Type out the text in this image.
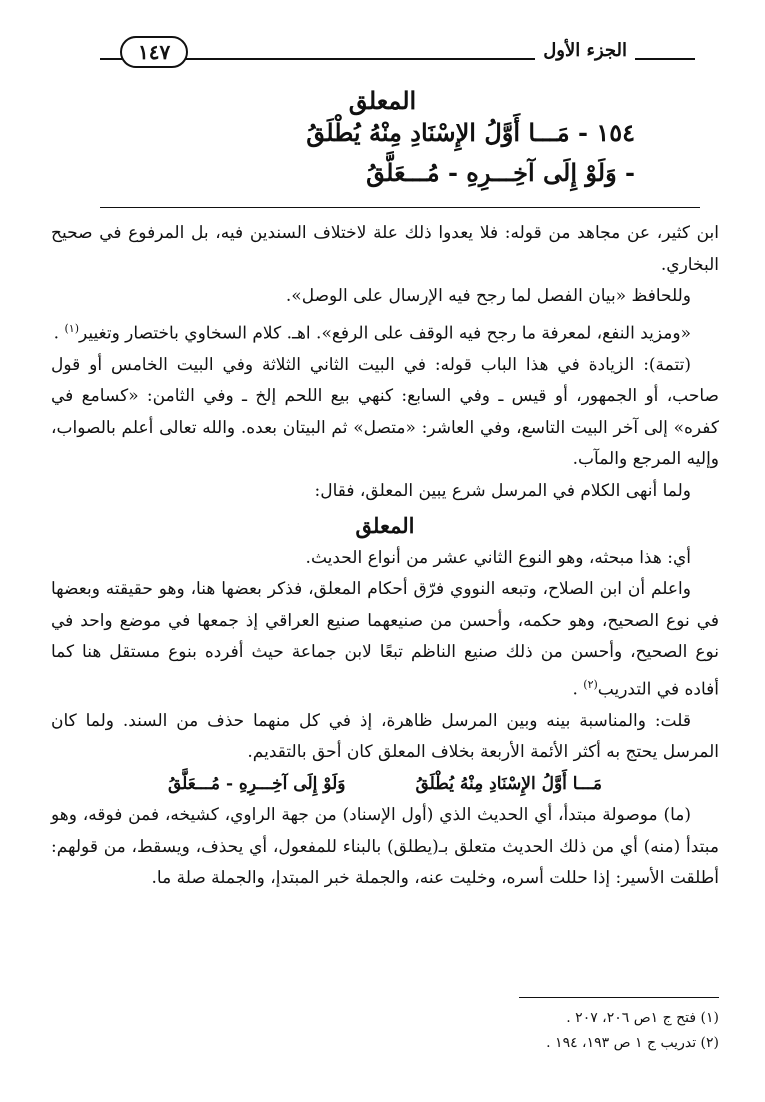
الجزء الأول
١٤٧
المعلق
١٥٤ - مَـــا أَوَّلُ الإِسْنَادِ مِنْهُ يُطْلَقُ
- وَلَوْ إِلَى آخِـــرِهِ - مُـــعَلَّقُ

ابن كثير، عن مجاهد من قوله: فلا يعدوا ذلك علة لاختلاف السندين فيه، بل المرفوع في صحيح البخاري.

وللحافظ «بيان الفصل لما رجح فيه الإرسال على الوصل».

«ومزيد النفع، لمعرفة ما رجح فيه الوقف على الرفع». اهـ. كلام السخاوي باختصار وتغيير$^{(١)}$ .

(تتمة): الزيادة في هذا الباب قوله: في البيت الثاني الثلاثة وفي البيت الخامس أو قول صاحب، أو الجمهور، أو قيس ـ وفي السابع: كنهي بيع اللحم إلخ ـ وفي الثامن: «كسامع في كفره» إلى آخر البيت التاسع، وفي العاشر: «متصل» ثم البيتان بعده. والله تعالى أعلم بالصواب، وإليه المرجع والمآب.

ولما أنهى الكلام في المرسل شرع يبين المعلق، فقال:

المعلق

أي: هذا مبحثه، وهو النوع الثاني عشر من أنواع الحديث.

واعلم أن ابن الصلاح، وتبعه النووي فرّق أحكام المعلق، فذكر بعضها هنا، وهو حقيقته وبعضها في نوع الصحيح، وهو حكمه، وأحسن من صنيعهما صنيع العراقي إذ جمعها في موضع واحد في نوع الصحيح، وأحسن من ذلك صنيع الناظم تبعًا لابن جماعة حيث أفرده بنوع مستقل هنا كما أفاده في التدريب$^{(٢)}$ .

قلت: والمناسبة بينه وبين المرسل ظاهرة، إذ في كل منهما حذف من السند. ولما كان المرسل يحتج به أكثر الأئمة الأربعة بخلاف المعلق كان أحق بالتقديم.

مَـــا أَوَّلُ الإِسْنَادِ مِنْهُ يُطْلَقُ
وَلَوْ إِلَى آخِـــرِهِ - مُـــعَلَّقُ

(ما) موصولة مبتدأ، أي الحديث الذي (أول الإسناد) من جهة الراوي، كشيخه، فمن فوقه، وهو مبتدأ (منه) أي من ذلك الحديث متعلق بـ(يطلق) بالبناء للمفعول، أي يحذف، ويسقط، من قولهم: أطلقت الأسير: إذا حللت أسره، وخليت عنه، والجملة خبر المبتدإ، والجملة صلة ما.

(١) فتح ج ١ص ٢٠٦، ٢٠٧ .

(٢) تدريب ج ١ ص ١٩٣، ١٩٤ .
